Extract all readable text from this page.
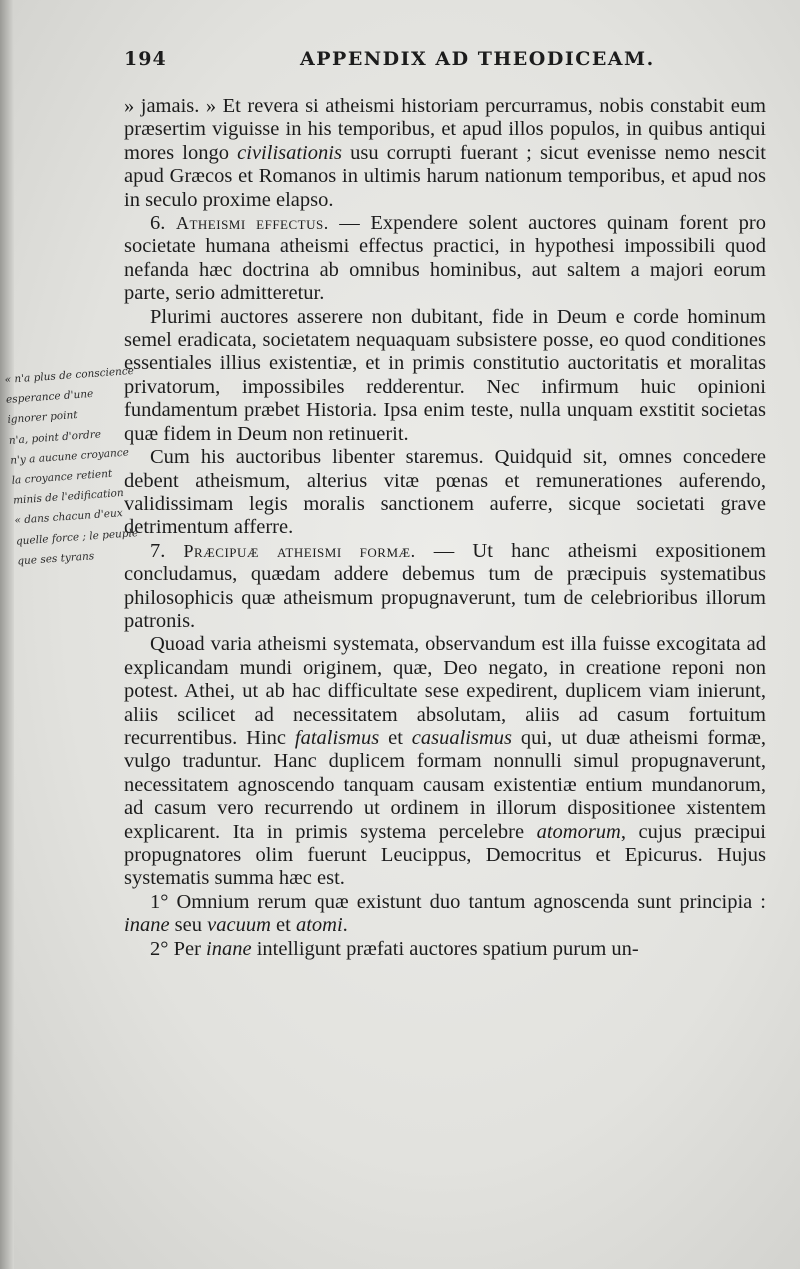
194	APPENDIX AD THEODICEAM.

» jamais. » Et revera si atheismi historiam percurramus, nobis constabit eum præsertim viguisse in his temporibus, et apud illos populos, in quibus antiqui mores longo civilisationis usu corrupti fuerant ; sicut evenisse nemo nescit apud Græcos et Romanos in ultimis harum nationum temporibus, et apud nos in seculo proxime elapso.

6. Atheismi effectus. — Expendere solent auctores quinam forent pro societate humana atheismi effectus practici, in hypothesi impossibili quod nefanda hæc doctrina ab omnibus hominibus, aut saltem a majori eorum parte, serio admitteretur.

Plurimi auctores asserere non dubitant, fide in Deum e corde hominum semel eradicata, societatem nequaquam subsistere posse, eo quod conditiones essentiales illius existentiæ, et in primis constitutio auctoritatis et moralitas privatorum, impossibiles redderentur. Nec infirmum huic opinioni fundamentum præbet Historia. Ipsa enim teste, nulla unquam exstitit societas quæ fidem in Deum non retinuerit.

Cum his auctoribus libenter staremus. Quidquid sit, omnes concedere debent atheismum, alterius vitæ pœnas et remunerationes auferendo, validissimam legis moralis sanctionem auferre, sicque societati grave detrimentum afferre.

7. Præcipuæ atheismi formæ. — Ut hanc atheismi expositionem concludamus, quædam addere debemus tum de præcipuis systematibus philosophicis quæ atheismum propugnaverunt, tum de celebrioribus illorum patronis.

Quoad varia atheismi systemata, observandum est illa fuisse excogitata ad explicandam mundi originem, quæ, Deo negato, in creatione reponi non potest. Athei, ut ab hac difficultate sese expedirent, duplicem viam inierunt, aliis scilicet ad necessitatem absolutam, aliis ad casum fortuitum recurrentibus. Hinc fatalismus et casualismus qui, ut duæ atheismi formæ, vulgo traduntur. Hanc duplicem formam nonnulli simul propugnaverunt, necessitatem agnoscendo tanquam causam existentiæ entium mundanorum, ad casum vero recurrendo ut ordinem in illorum dispositionee xistentem explicarent. Ita in primis systema percelebre atomorum, cujus præcipui propugnatores olim fuerunt Leucippus, Democritus et Epicurus. Hujus systematis summa hæc est.

1° Omnium rerum quæ existunt duo tantum agnoscenda sunt principia : inane seu vacuum et atomi.

2° Per inane intelligunt præfati auctores spatium purum un-

« n'a plus de conscience
esperance d'une
ignorer point
n'a, point d'ordre
n'y a aucune croyance
la croyance retient
minis de l'edification
« dans chacun d'eux
quelle force ; le peuple
que ses tyrans
